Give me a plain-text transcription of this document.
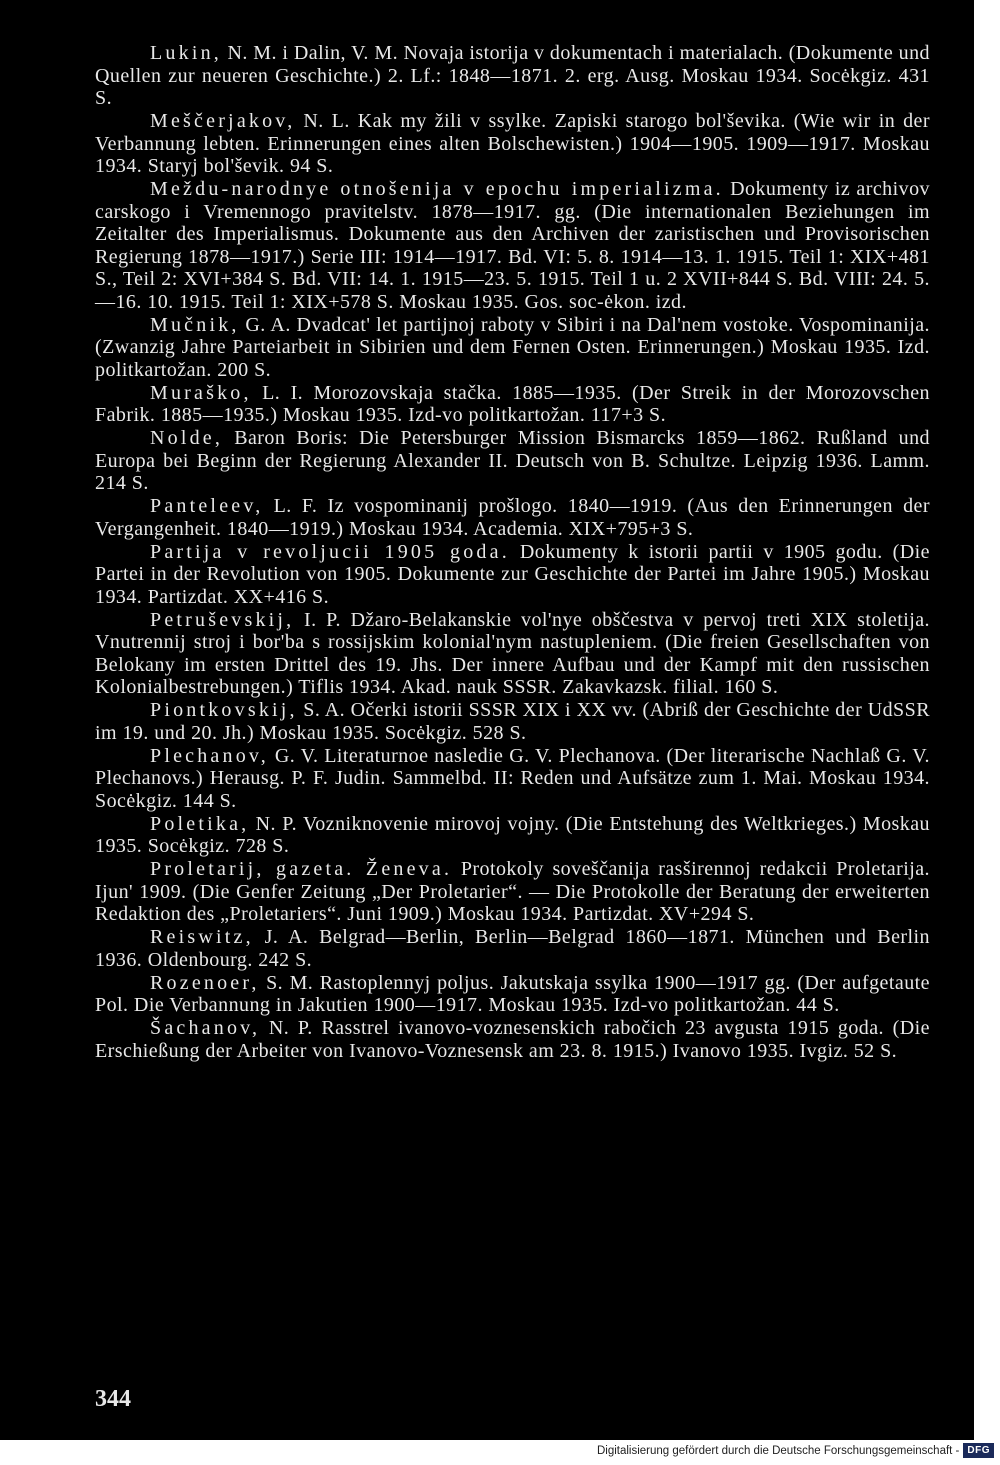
Lukin, N. M. i Dalin, V. M. Novaja istorija v dokumentach i materialach. (Dokumente und Quellen zur neueren Geschichte.) 2. Lf.: 1848—1871. 2. erg. Ausg. Moskau 1934. Socėkgiz. 431 S.

Meščerjakov, N. L. Kak my žili v ssylke. Zapiski starogo bol'ševika. (Wie wir in der Verbannung lebten. Erinnerungen eines alten Bolschewisten.) 1904—1905. 1909—1917. Moskau 1934. Staryj bol'ševik. 94 S.

Meždu-narodnye otnošenija v epochu imperializma. Dokumenty iz archivov carskogo i Vremennogo pravitelstv. 1878—1917. gg. (Die internationalen Beziehungen im Zeitalter des Imperialismus. Dokumente aus den Archiven der zaristischen und Provisorischen Regierung 1878—1917.) Serie III: 1914—1917. Bd. VI: 5. 8. 1914—13. 1. 1915. Teil 1: XIX+481 S., Teil 2: XVI+384 S. Bd. VII: 14. 1. 1915—23. 5. 1915. Teil 1 u. 2 XVII+844 S. Bd. VIII: 24. 5.—16. 10. 1915. Teil 1: XIX+578 S. Moskau 1935. Gos. soc-ėkon. izd.

Mučnik, G. A. Dvadcat' let partijnoj raboty v Sibiri i na Dal'nem vostoke. Vospominanija. (Zwanzig Jahre Parteiarbeit in Sibirien und dem Fernen Osten. Erinnerungen.) Moskau 1935. Izd. politkartožan. 200 S.

Muraško, L. I. Morozovskaja stačka. 1885—1935. (Der Streik in der Morozovschen Fabrik. 1885—1935.) Moskau 1935. Izd-vo politkartožan. 117+3 S.

Nolde, Baron Boris: Die Petersburger Mission Bismarcks 1859—1862. Rußland und Europa bei Beginn der Regierung Alexander II. Deutsch von B. Schultze. Leipzig 1936. Lamm. 214 S.

Panteleev, L. F. Iz vospominanij prošlogo. 1840—1919. (Aus den Erinnerungen der Vergangenheit. 1840—1919.) Moskau 1934. Academia. XIX+795+3 S.

Partija v revoljucii 1905 goda. Dokumenty k istorii partii v 1905 godu. (Die Partei in der Revolution von 1905. Dokumente zur Geschichte der Partei im Jahre 1905.) Moskau 1934. Partizdat. XX+416 S.

Petruševskij, I. P. Džaro-Belakanskie vol'nye obščestva v pervoj treti XIX stoletija. Vnutrennij stroj i bor'ba s rossijskim kolonial'nym nastupleniem. (Die freien Gesellschaften von Belokany im ersten Drittel des 19. Jhs. Der innere Aufbau und der Kampf mit den russischen Kolonialbestrebungen.) Tiflis 1934. Akad. nauk SSSR. Zakavkazsk. filial. 160 S.

Piontkovskij, S. A. Očerki istorii SSSR XIX i XX vv. (Abriß der Geschichte der UdSSR im 19. und 20. Jh.) Moskau 1935. Socėkgiz. 528 S.

Plechanov, G. V. Literaturnoe nasledie G. V. Plechanova. (Der literarische Nachlaß G. V. Plechanovs.) Herausg. P. F. Judin. Sammelbd. II: Reden und Aufsätze zum 1. Mai. Moskau 1934. Socėkgiz. 144 S.

Poletika, N. P. Vozniknovenie mirovoj vojny. (Die Entstehung des Weltkrieges.) Moskau 1935. Socėkgiz. 728 S.

Proletarij, gazeta. Ženeva. Protokoly soveščanija rasširennoj redakcii Proletarija. Ijun' 1909. (Die Genfer Zeitung „Der Proletarier“. — Die Protokolle der Beratung der erweiterten Redaktion des „Proletariers“. Juni 1909.) Moskau 1934. Partizdat. XV+294 S.

Reiswitz, J. A. Belgrad—Berlin, Berlin—Belgrad 1860—1871. München und Berlin 1936. Oldenbourg. 242 S.

Rozenoer, S. M. Rastoplennyj poljus. Jakutskaja ssylka 1900—1917 gg. (Der aufgetaute Pol. Die Verbannung in Jakutien 1900—1917. Moskau 1935. Izd-vo politkartožan. 44 S.

Šachanov, N. P. Rasstrel ivanovo-voznesenskich rabočich 23 avgusta 1915 goda. (Die Erschießung der Arbeiter von Ivanovo-Voznesensk am 23. 8. 1915.) Ivanovo 1935. Ivgiz. 52 S.

344
Digitalisierung gefördert durch die Deutsche Forschungsgemeinschaft - DFG
